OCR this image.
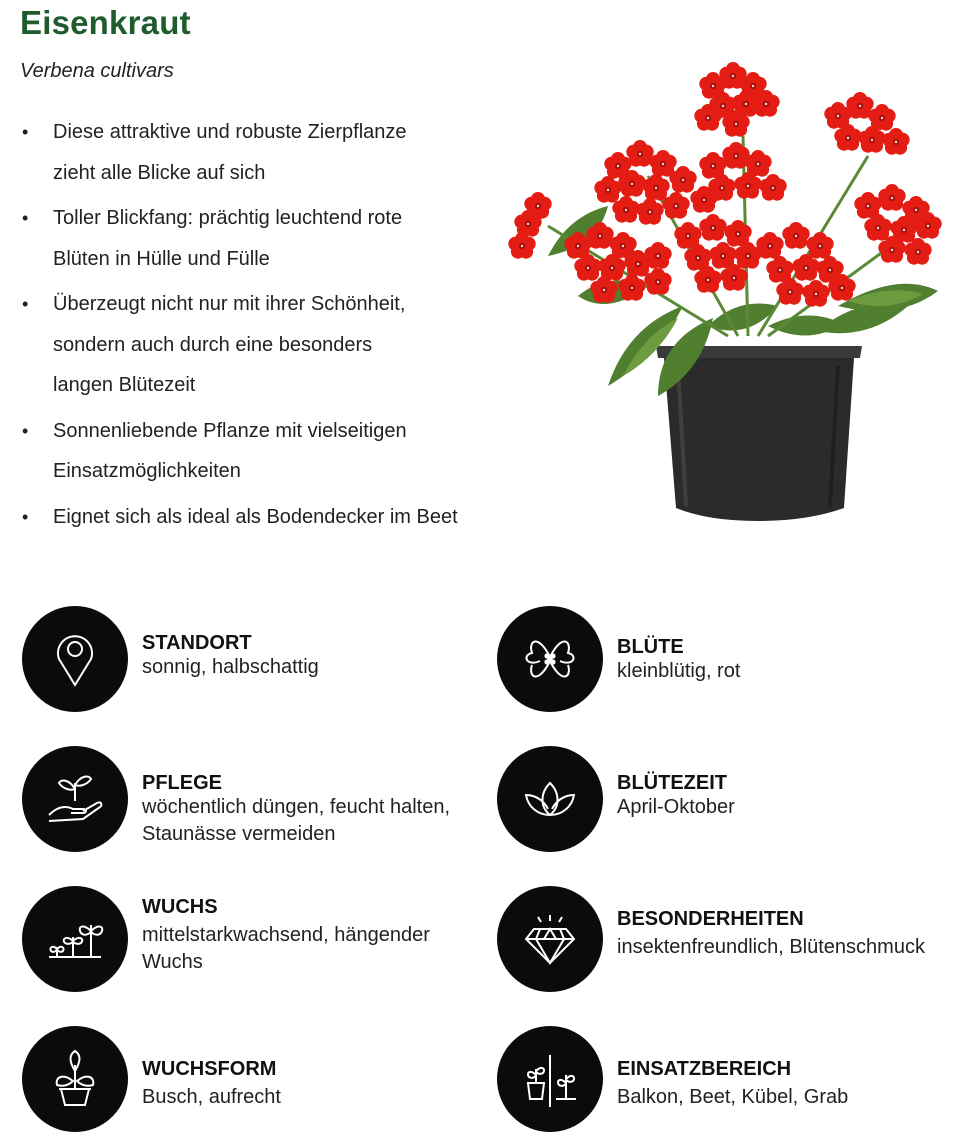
Eisenkraut
Verbena cultivars
• Diese attraktive und robuste Zierpflanze
zieht alle Blicke auf sich
• Toller Blickfang: prächtig leuchtend rote
Blüten in Hülle und Fülle
• Überzeugt nicht nur mit ihrer Schönheit,
sondern auch durch eine besonders
langen Blütezeit
• Sonnenliebende Pflanze mit vielseitigen
Einsatzmöglichkeiten
• Eignet sich als ideal als Bodendecker im Beet
STANDORT
sonnig, halbschattig
BLÜTE
kleinblütig, rot
PFLEGE
wöchentlich düngen, feucht halten, Staunässe vermeiden
BLÜTEZEIT
April-Oktober
WUCHS
mittelstarkwachsend, hängender Wuchs
BESONDERHEITEN
insektenfreundlich, Blütenschmuck
WUCHSFORM
Busch, aufrecht
EINSATZBEREICH
Balkon, Beet, Kübel, Grab
